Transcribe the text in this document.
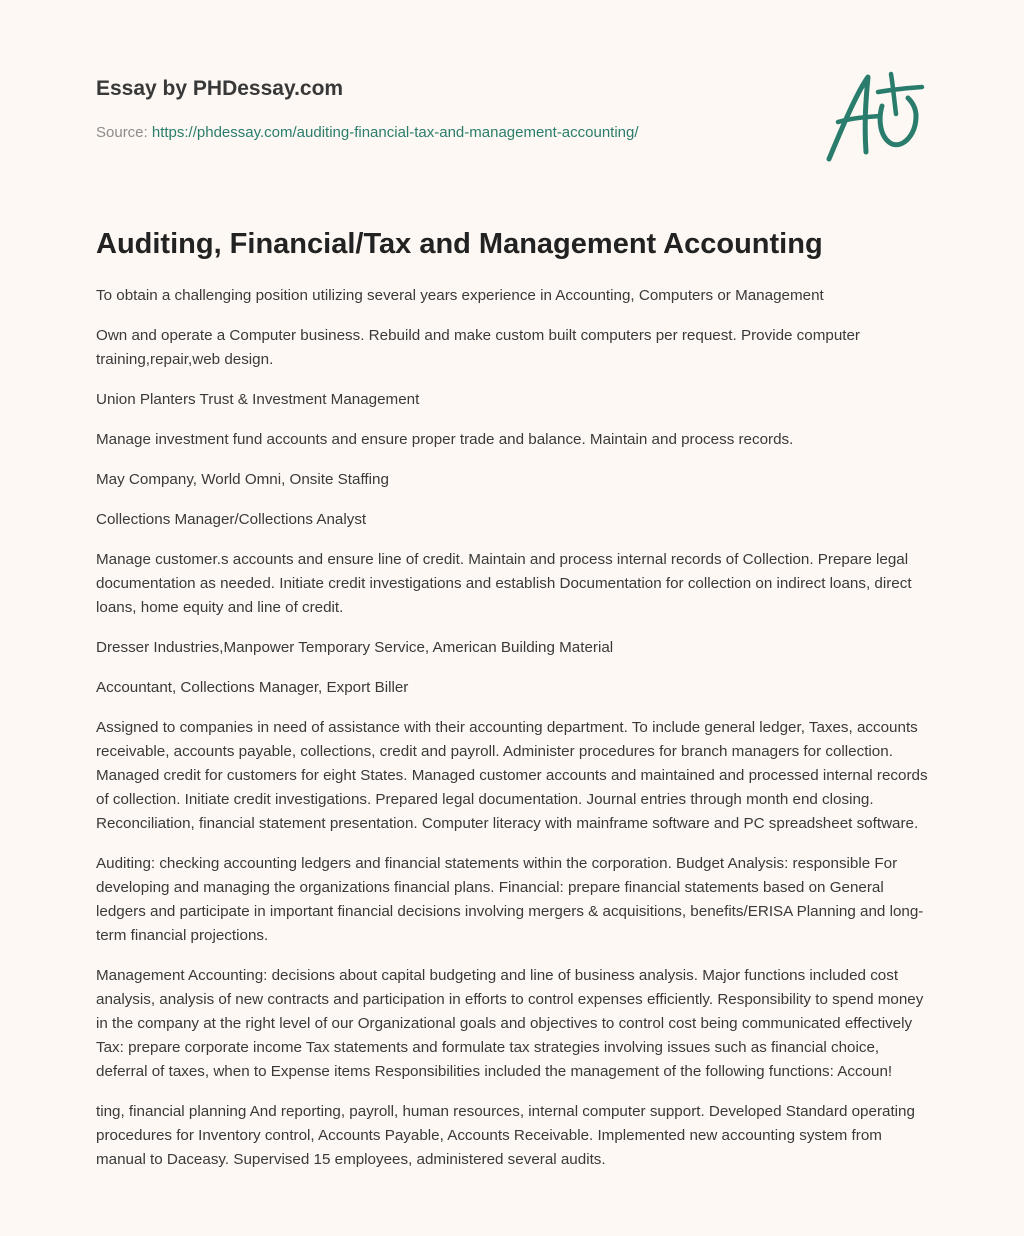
Essay by PHDessay.com
Source: https://phdessay.com/auditing-financial-tax-and-management-accounting/
Auditing, Financial/Tax and Management Accounting

To obtain a challenging position utilizing several years experience in Accounting, Computers or Management

Own and operate a Computer business. Rebuild and make custom built computers per request. Provide computer training,repair,web design.

Union Planters Trust & Investment Management

Manage investment fund accounts and ensure proper trade and balance. Maintain and process records.

May Company, World Omni, Onsite Staffing

Collections Manager/Collections Analyst

Manage customer.s accounts and ensure line of credit. Maintain and process internal records of Collection. Prepare legal documentation as needed. Initiate credit investigations and establish Documentation for collection on indirect loans, direct loans, home equity and line of credit.

Dresser Industries,Manpower Temporary Service, American Building Material

Accountant, Collections Manager, Export Biller

Assigned to companies in need of assistance with their accounting department. To include general ledger, Taxes, accounts receivable, accounts payable, collections, credit and payroll. Administer procedures for branch managers for collection. Managed credit for customers for eight States. Managed customer accounts and maintained and processed internal records of collection. Initiate credit investigations. Prepared legal documentation. Journal entries through month end closing. Reconciliation, financial statement presentation. Computer literacy with mainframe software and PC spreadsheet software.

Auditing: checking accounting ledgers and financial statements within the corporation. Budget Analysis: responsible For developing and managing the organizations financial plans. Financial: prepare financial statements based on General ledgers and participate in important financial decisions involving mergers & acquisitions, benefits/ERISA Planning and long-term financial projections.

Management Accounting: decisions about capital budgeting and line of business analysis. Major functions included cost analysis, analysis of new contracts and participation in efforts to control expenses efficiently. Responsibility to spend money in the company at the right level of our Organizational goals and objectives to control cost being communicated effectively Tax: prepare corporate income Tax statements and formulate tax strategies involving issues such as financial choice, deferral of taxes, when to Expense items Responsibilities included the management of the following functions: Accoun!

ting, financial planning And reporting, payroll, human resources, internal computer support. Developed Standard operating procedures for Inventory control, Accounts Payable, Accounts Receivable. Implemented new accounting system from manual to Daceasy. Supervised 15 employees, administered several audits.
